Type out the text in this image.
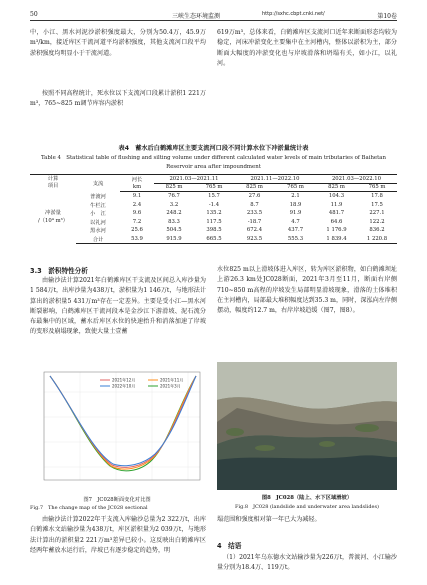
50	三峡生态环境监测	http://sxhc.cbpt.cnki.net/	第10卷
中，小江、黑水河泥沙淤积强度最大，分别为50.4万，45.9万m³/km，接近库区干流河道平均淤积强度，其他支流河口段平均淤积强度均明显小于干流河道。
按照不同高程统计，死水位以下支流河口段累计淤积1 221万m³，765~825 m调节库容内淤积
619万m³，总体来看，白鹤滩库区支流河口近年来断面形态均较为稳定，河床冲淤变化主要集中在主河槽内，整体以淤积为主，部分断面大幅度的冲淤变化也与岸坡滑落和坍塌有关，如小江，以礼河。
表4　蓄水后白鹤滩库区主要支流河口段不同计算水位下冲淤量统计表
Table 4　Statistical table of flushing and silting volume under different calculated water levels of main tributaries of Baihetan Reservoir area after impoundment
计算
项目	支流	河长	2021.03—2021.11		2021.11—2022.10		2021.03—2022.10	
		km	825 m	765 m	825 m	765 m	825 m	765 m
冲淤量
/（10⁴ m³）	普渡河	9.1	76.7	15.7	27.6	2.1	104.3	17.8
	牛栏江	2.4	3.2	-1.4	8.7	18.9	11.9	17.5
	小　江	9.6	248.2	135.2	233.5	91.9	481.7	227.1
	以礼河	7.2	83.3	117.5	-18.7	4.7	64.6	122.2
	黑水河	25.6	504.5	398.5	672.4	437.7	1 176.9	836.2
	合计	53.9	915.9	665.5	923.5	555.3	1 839.4	1 220.8
3.3　淤积特性分析
由输沙法计算2021年白鹤滩库区干支流及区间总入库沙量为1 584万t，出库沙量为438万t，淤积量为1 146万t，与地形法计算出的淤积量5 431万m³存在一定差异。主要是受小江—黑水河断裂影响，白鹤滩库区干流河段本是金沙江下游滑坡、泥石流分布最集中的区域，蓄水后库区水位的快速抬升和消落加速了岸坡的变形及崩塌现象，致使大量土壹蓄
水位825 m以上滑坡体进入库区，转为库区淤积物，如白鹤滩坝址上游26.3 km处JC028断面，2021年3月至11月，断面右岸侧710~850 m高程的岸坡发生局部明显滑坡现象，滑落的土体堆积在主河槽内，局部最大堆积幅度达到35.3 m，同时，深泓向左岸侧摆动，幅度约12.7 m，右岸岸坡趋缓（图7，图8）。
2021年12月
2022年10月
2021年11月
2021年3月
图7　JC028断面变化对比图
Fig.7　The change map of the JC028 sectional
图8　JC028（陆上、水下区域滑坡）
Fig.8　JC028 (landslide and underwater area landslides)
由输沙法计算2022年干支流入库输沙总量为2 322万t，出库白鹤滩水文站输沙量为438万t，库区淤积量为2 039万t，与地形法计算出的淤积量2 221万m³差异已较小。这反映出白鹤滩库区经两年蓄放水运行后，岸坡已有逐步稳定的趋势，明
塌范围和强度相对第一年已大为减轻。
4　结语
（1）2021年乌东德水文站输沙量为226万t，普渡河、小江输沙量分别为18.4万、119万t。
